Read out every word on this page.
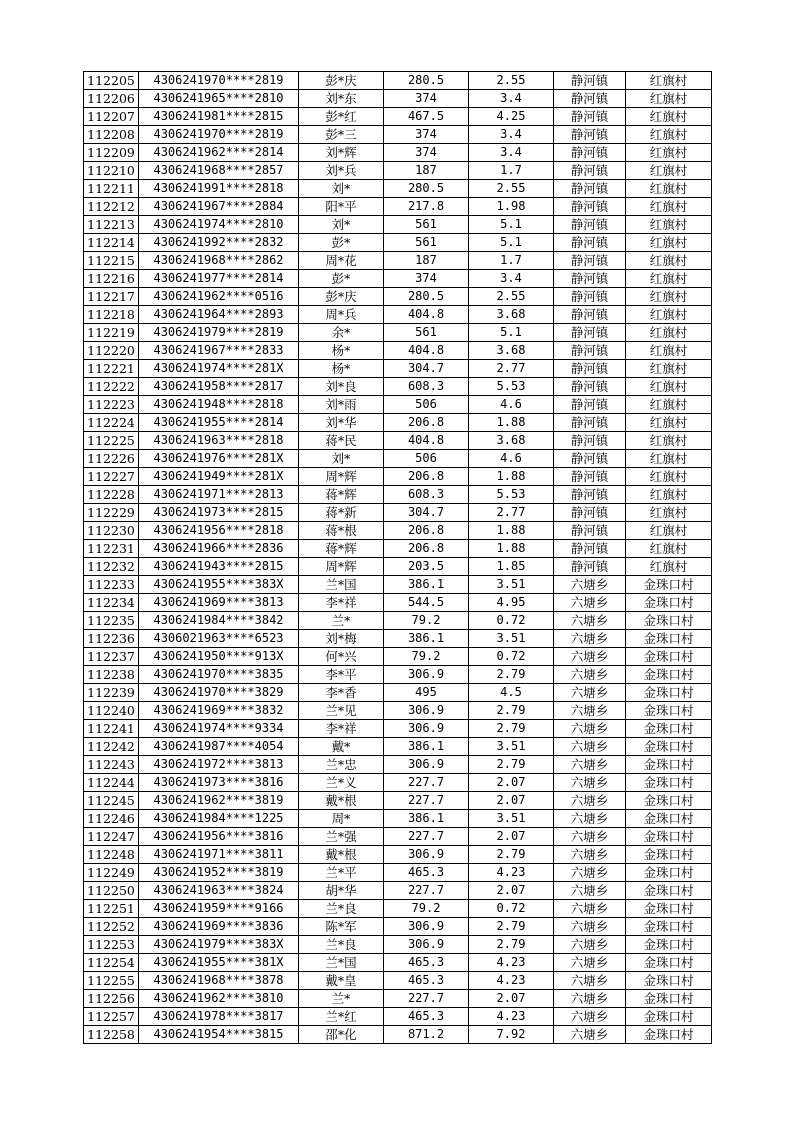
112205	4306241970****2819	彭*庆	280.5	2.55	静河镇	红旗村
112206	4306241965****2810	刘*东	374	3.4	静河镇	红旗村
112207	4306241981****2815	彭*红	467.5	4.25	静河镇	红旗村
112208	4306241970****2819	彭*三	374	3.4	静河镇	红旗村
112209	4306241962****2814	刘*辉	374	3.4	静河镇	红旗村
112210	4306241968****2857	刘*兵	187	1.7	静河镇	红旗村
112211	4306241991****2818	刘*	280.5	2.55	静河镇	红旗村
112212	4306241967****2884	阳*平	217.8	1.98	静河镇	红旗村
112213	4306241974****2810	刘*	561	5.1	静河镇	红旗村
112214	4306241992****2832	彭*	561	5.1	静河镇	红旗村
112215	4306241968****2862	周*花	187	1.7	静河镇	红旗村
112216	4306241977****2814	彭*	374	3.4	静河镇	红旗村
112217	4306241962****0516	彭*庆	280.5	2.55	静河镇	红旗村
112218	4306241964****2893	周*兵	404.8	3.68	静河镇	红旗村
112219	4306241979****2819	余*	561	5.1	静河镇	红旗村
112220	4306241967****2833	杨*	404.8	3.68	静河镇	红旗村
112221	4306241974****281X	杨*	304.7	2.77	静河镇	红旗村
112222	4306241958****2817	刘*良	608.3	5.53	静河镇	红旗村
112223	4306241948****2818	刘*雨	506	4.6	静河镇	红旗村
112224	4306241955****2814	刘*华	206.8	1.88	静河镇	红旗村
112225	4306241963****2818	蒋*民	404.8	3.68	静河镇	红旗村
112226	4306241976****281X	刘*	506	4.6	静河镇	红旗村
112227	4306241949****281X	周*辉	206.8	1.88	静河镇	红旗村
112228	4306241971****2813	蒋*辉	608.3	5.53	静河镇	红旗村
112229	4306241973****2815	蒋*新	304.7	2.77	静河镇	红旗村
112230	4306241956****2818	蒋*根	206.8	1.88	静河镇	红旗村
112231	4306241966****2836	蒋*辉	206.8	1.88	静河镇	红旗村
112232	4306241943****2815	周*辉	203.5	1.85	静河镇	红旗村
112233	4306241955****383X	兰*国	386.1	3.51	六塘乡	金珠口村
112234	4306241969****3813	李*祥	544.5	4.95	六塘乡	金珠口村
112235	4306241984****3842	兰*	79.2	0.72	六塘乡	金珠口村
112236	4306021963****6523	刘*梅	386.1	3.51	六塘乡	金珠口村
112237	4306241950****913X	何*兴	79.2	0.72	六塘乡	金珠口村
112238	4306241970****3835	李*平	306.9	2.79	六塘乡	金珠口村
112239	4306241970****3829	李*香	495	4.5	六塘乡	金珠口村
112240	4306241969****3832	兰*见	306.9	2.79	六塘乡	金珠口村
112241	4306241974****9334	李*祥	306.9	2.79	六塘乡	金珠口村
112242	4306241987****4054	戴*	386.1	3.51	六塘乡	金珠口村
112243	4306241972****3813	兰*忠	306.9	2.79	六塘乡	金珠口村
112244	4306241973****3816	兰*义	227.7	2.07	六塘乡	金珠口村
112245	4306241962****3819	戴*根	227.7	2.07	六塘乡	金珠口村
112246	4306241984****1225	周*	386.1	3.51	六塘乡	金珠口村
112247	4306241956****3816	兰*强	227.7	2.07	六塘乡	金珠口村
112248	4306241971****3811	戴*根	306.9	2.79	六塘乡	金珠口村
112249	4306241952****3819	兰*平	465.3	4.23	六塘乡	金珠口村
112250	4306241963****3824	胡*华	227.7	2.07	六塘乡	金珠口村
112251	4306241959****9166	兰*良	79.2	0.72	六塘乡	金珠口村
112252	4306241969****3836	陈*军	306.9	2.79	六塘乡	金珠口村
112253	4306241979****383X	兰*良	306.9	2.79	六塘乡	金珠口村
112254	4306241955****381X	兰*国	465.3	4.23	六塘乡	金珠口村
112255	4306241968****3878	戴*皇	465.3	4.23	六塘乡	金珠口村
112256	4306241962****3810	兰*	227.7	2.07	六塘乡	金珠口村
112257	4306241978****3817	兰*红	465.3	4.23	六塘乡	金珠口村
112258	4306241954****3815	邵*化	871.2	7.92	六塘乡	金珠口村
